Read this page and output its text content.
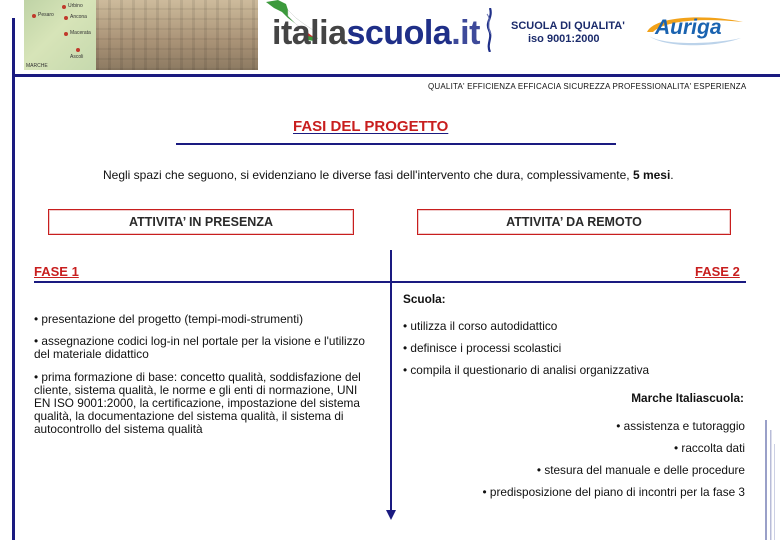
Urbino
Pesaro	Ancona
Macerata
Ascoli
MARCHE
italiascuola.it	SCUOLA DI QUALITA'
iso 9001:2000	Auriga
QUALITA' EFFICIENZA EFFICACIA SICUREZZA PROFESSIONALITA' ESPERIENZA
FASI DEL PROGETTO
Negli spazi che seguono, si evidenziano le diverse fasi dell'intervento che dura, complessivamente, 5 mesi.
ATTIVITA’ IN PRESENZA	ATTIVITA’ DA REMOTO
FASE 1	FASE 2
• presentazione del progetto (tempi-modi-strumenti)
• assegnazione codici log-in nel portale per la visione e l'utilizzo del materiale didattico
• prima formazione di base: concetto qualità, soddisfazione del cliente, sistema qualità, le norme e gli enti di normazione, UNI EN ISO 9001:2000, la certificazione, impostazione del sistema qualità, la documentazione del sistema qualità, il sistema di autocontrollo del sistema qualità
Scuola:
• utilizza il corso autodidattico
• definisce i processi scolastici
• compila il questionario di analisi organizzativa
Marche Italiascuola:
• assistenza e tutoraggio
• raccolta dati
• stesura del manuale e delle procedure
• predisposizione del piano di incontri per la fase 3
